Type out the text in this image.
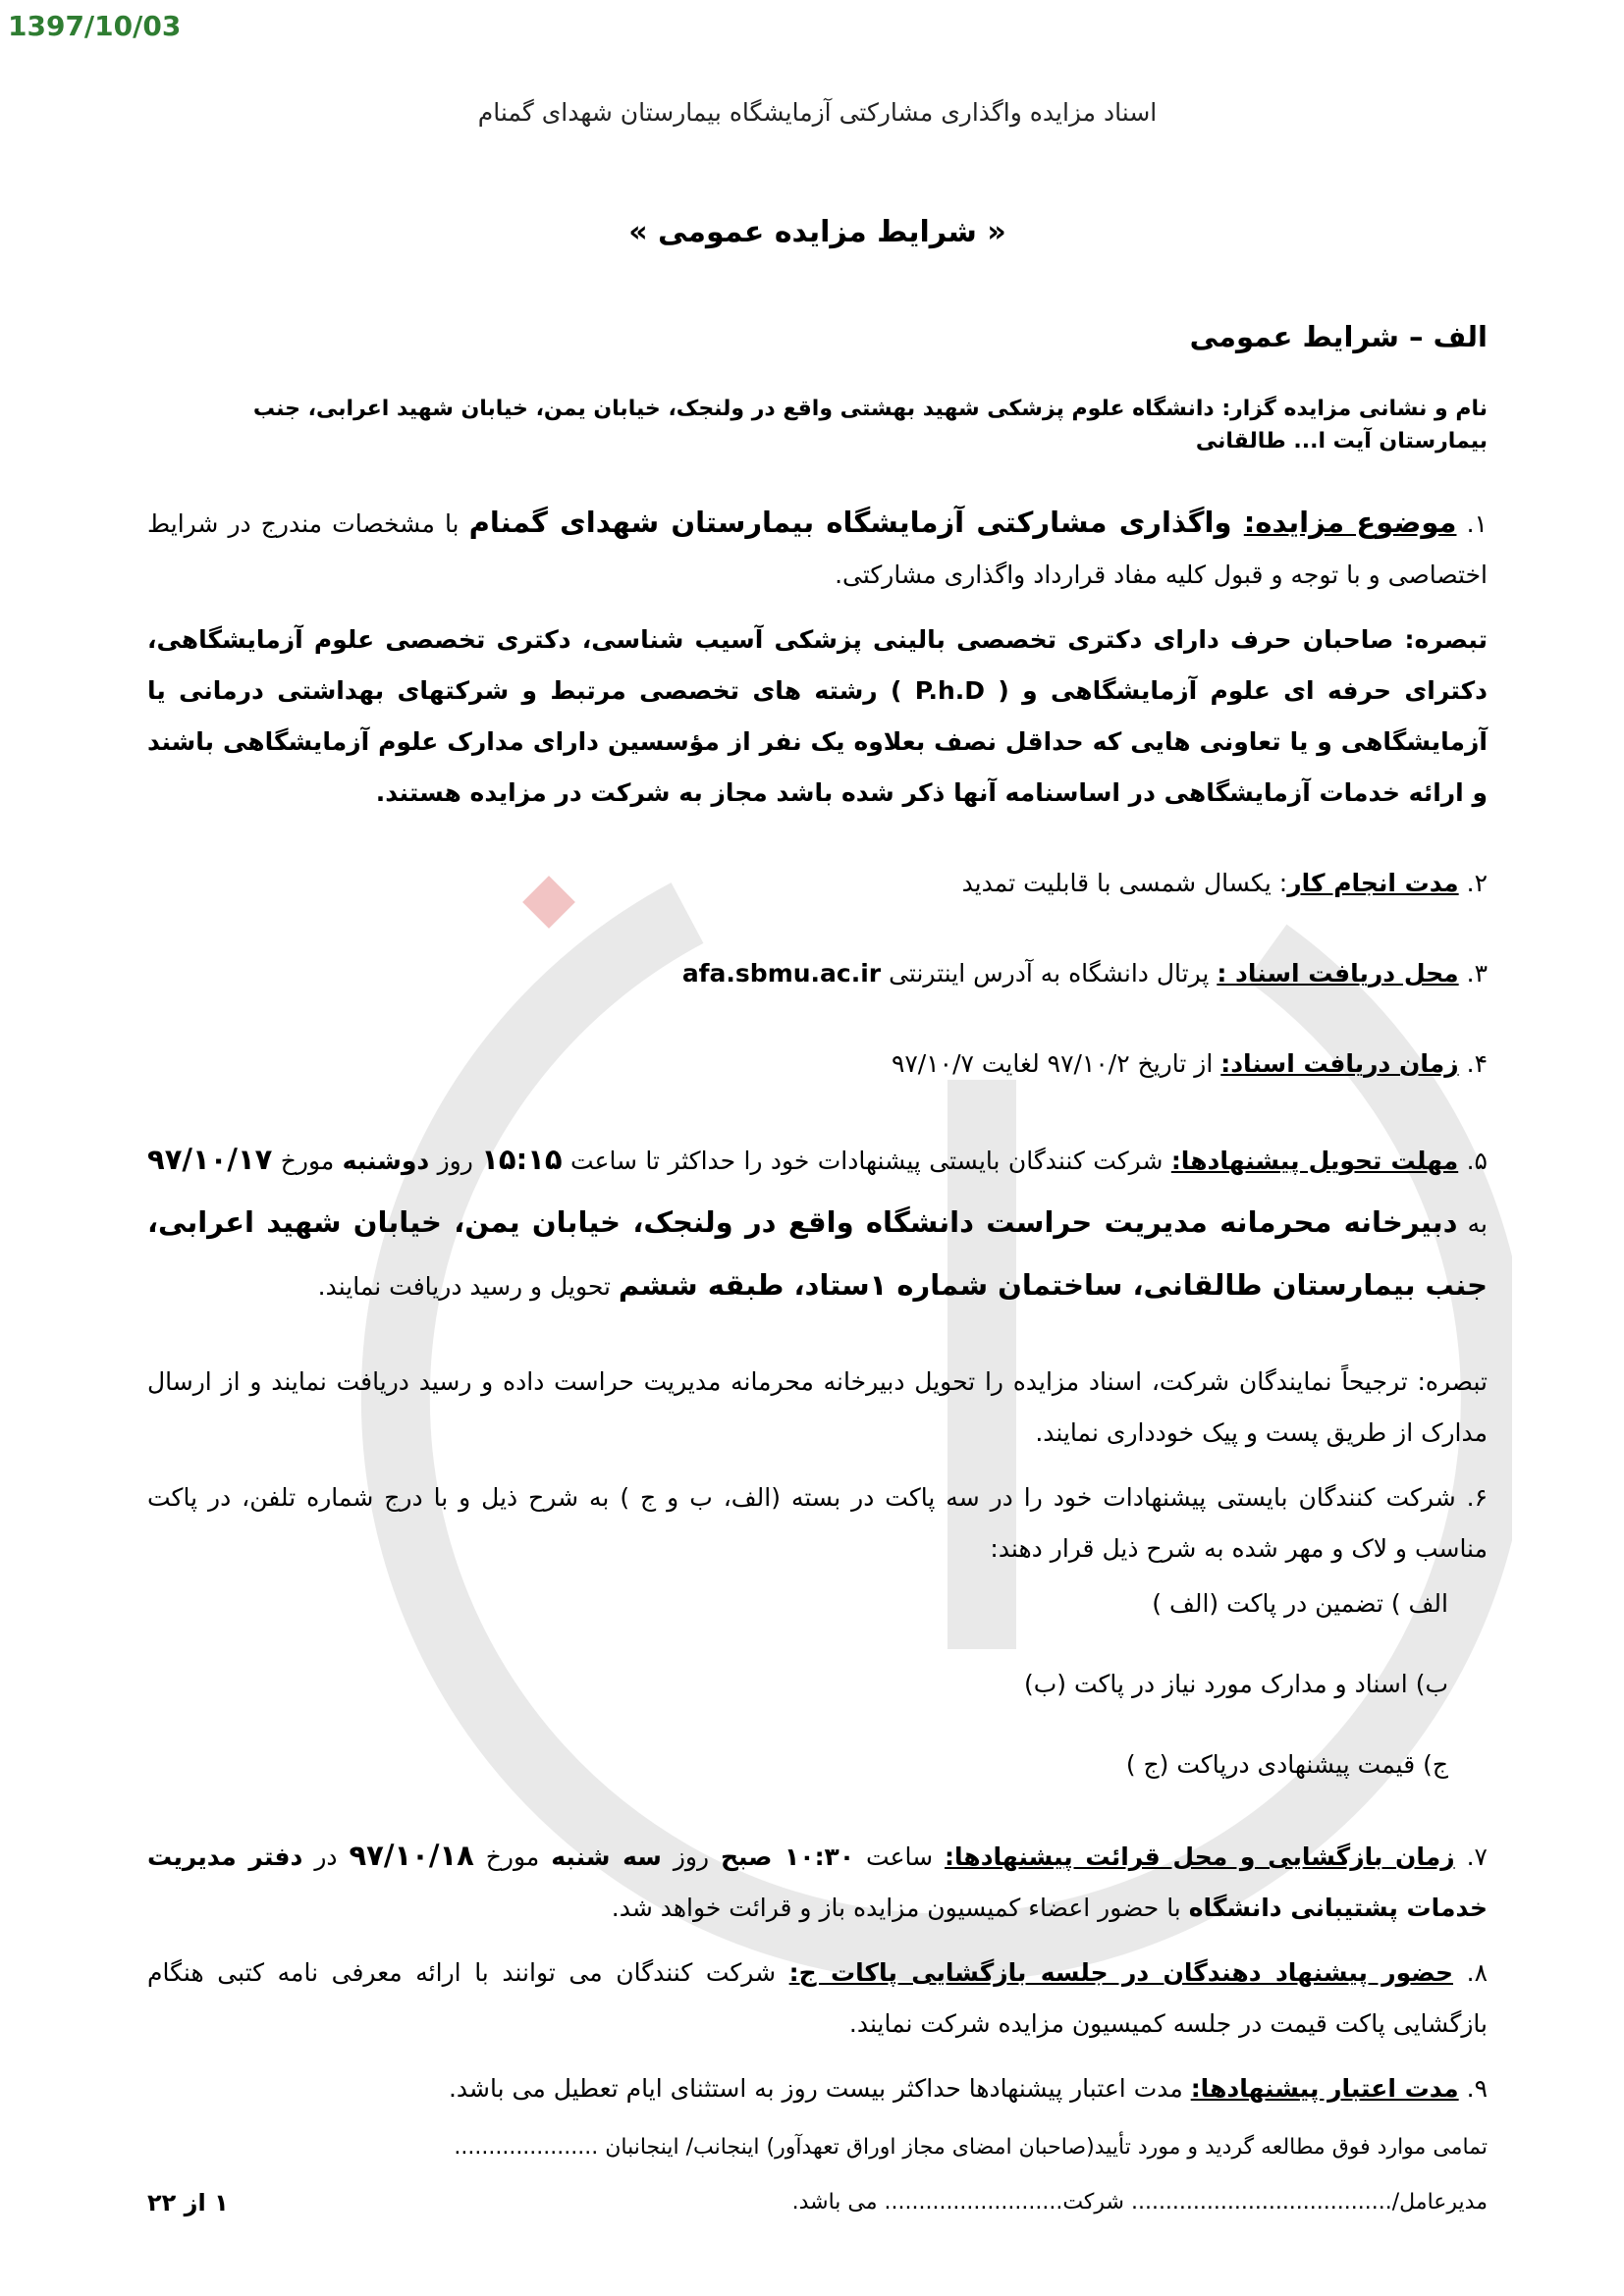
1397/10/03
اسناد مزایده واگذاری مشارکتی آزمایشگاه بیمارستان شهدای گمنام
« شرایط مزایده عمومی »
الف – شرایط عمومی
نام و نشانی مزایده گزار: دانشگاه علوم پزشکی شهید بهشتی واقع در ولنجک، خیابان یمن، خیابان شهید اعرابی، جنب بیمارستان آیت ا... طالقانی
۱. موضوع مزایده: واگذاری مشارکتی آزمایشگاه بیمارستان شهدای گمنام با مشخصات مندرج در شرایط اختصاصی و با توجه و قبول کلیه مفاد قرارداد واگذاری مشارکتی.
تبصره: صاحبان حرف دارای دکتری تخصصی بالینی پزشکی آسیب شناسی، دکتری تخصصی علوم آزمایشگاهی، دکترای حرفه ای علوم آزمایشگاهی و ( P.h.D ) رشته های تخصصی مرتبط و شرکتهای بهداشتی درمانی یا آزمایشگاهی و یا تعاونی هایی که حداقل نصف بعلاوه یک نفر از مؤسسین دارای مدارک علوم آزمایشگاهی باشند و ارائه خدمات آزمایشگاهی در اساسنامه آنها ذکر شده باشد مجاز به شرکت در مزایده هستند.
۲. مدت انجام کار: یکسال شمسی با قابلیت تمدید
۳. محل دریافت اسناد : پرتال دانشگاه به آدرس اینترنتی afa.sbmu.ac.ir
۴. زمان دریافت اسناد: از تاریخ ۹۷/۱۰/۲ لغایت ۹۷/۱۰/۷
۵. مهلت تحویل پیشنهادها: شرکت کنندگان بایستی پیشنهادات خود را حداکثر تا ساعت ۱۵:۱۵ روز دوشنبه مورخ ۹۷/۱۰/۱۷ به دبیرخانه محرمانه مدیریت حراست دانشگاه واقع در ولنجک، خیابان یمن، خیابان شهید اعرابی، جنب بیمارستان طالقانی، ساختمان شماره ۱ستاد، طبقه ششم تحویل و رسید دریافت نمایند.
تبصره: ترجیحاً نمایندگان شرکت، اسناد مزایده را تحویل دبیرخانه محرمانه مدیریت حراست داده و رسید دریافت نمایند و از ارسال مدارک از طریق پست و پیک خودداری نمایند.
۶. شرکت کنندگان بایستی پیشنهادات خود را در سه پاکت در بسته (الف، ب و ج ) به شرح ذیل و با درج شماره تلفن، در پاکت مناسب و لاک و مهر شده به شرح ذیل قرار دهند:
الف ) تضمین در پاکت (الف )
ب) اسناد و مدارک مورد نیاز در پاکت (ب)
ج) قیمت پیشنهادی درپاکت (ج )
۷. زمان بازگشایی و محل قرائت پیشنهادها: ساعت ۱۰:۳۰ صبح روز سه شنبه مورخ ۹۷/۱۰/۱۸ در دفتر مدیریت خدمات پشتیبانی دانشگاه با حضور اعضاء کمیسیون مزایده باز و قرائت خواهد شد.
۸. حضور پیشنهاد دهندگان در جلسه بازگشایی پاکات ج: شرکت کنندگان می توانند با ارائه معرفی نامه کتبی هنگام بازگشایی پاکت قیمت در جلسه کمیسیون مزایده شرکت نمایند.
۹. مدت اعتبار پیشنهادها: مدت اعتبار پیشنهادها حداکثر بیست روز به استثنای ایام تعطیل می باشد.
تمامی موارد فوق مطالعه گردید و مورد تأیید(صاحبان امضای مجاز اوراق تعهدآور) اینجانب/ اینجانبان .....................
مدیرعامل/...................................... شرکت.......................... می باشد.
۱ از ۲۲
